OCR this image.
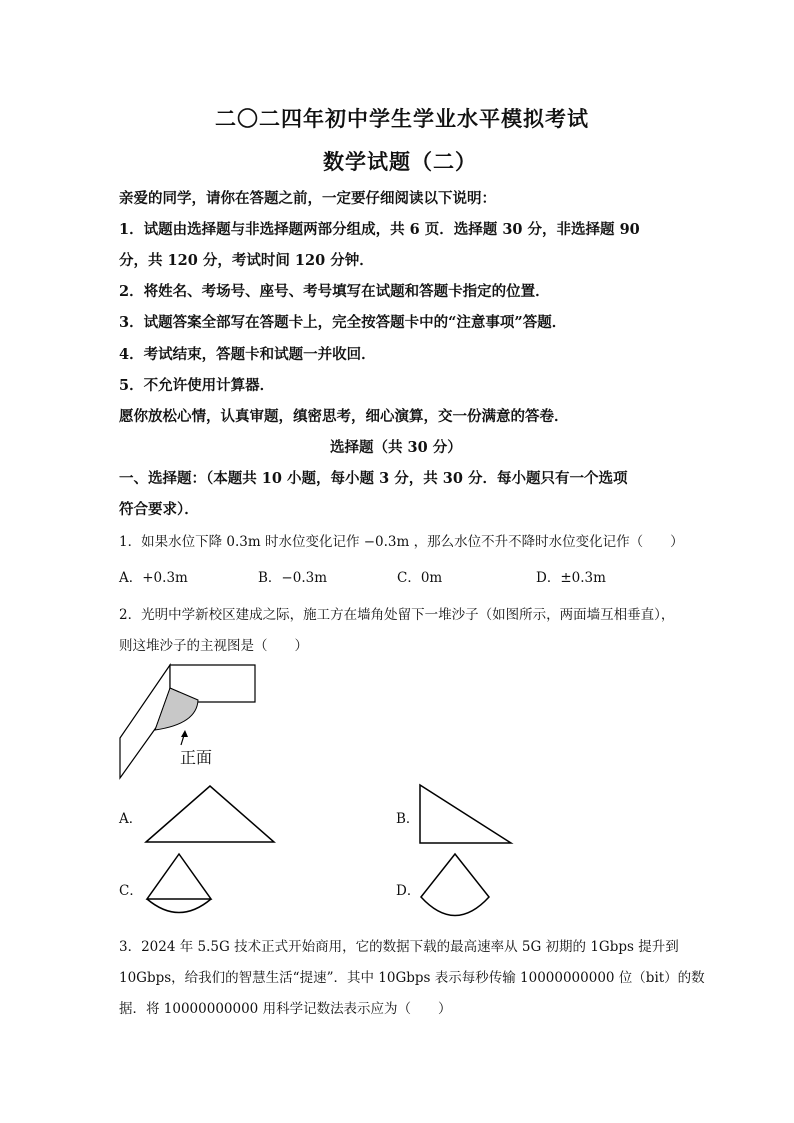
二〇二四年初中学生学业水平模拟考试
数学试题（二）
亲爱的同学，请你在答题之前，一定要仔细阅读以下说明：
1．试题由选择题与非选择题两部分组成，共 6 页．选择题 30 分，非选择题 90
分，共 120 分，考试时间 120 分钟．
2．将姓名、考场号、座号、考号填写在试题和答题卡指定的位置．
3．试题答案全部写在答题卡上，完全按答题卡中的“注意事项”答题．
4．考试结束，答题卡和试题一并收回．
5．不允许使用计算器．
愿你放松心情，认真审题，缜密思考，细心演算，交一份满意的答卷．
选择题（共 30 分）
一、选择题：（本题共 10 小题，每小题 3 分，共 30 分．每小题只有一个选项
符合要求）．
1．如果水位下降 0.3m 时水位变化记作 −0.3m ，那么水位不升不降时水位变化记作（　　）
A．+0.3m	B．−0.3m	C．0m	D．±0.3m
2．光明中学新校区建成之际，施工方在墙角处留下一堆沙子（如图所示，两面墙互相垂直），
则这堆沙子的主视图是（　　）
正面
A．	B．
C．	D．
3．2024 年 5.5G 技术正式开始商用，它的数据下载的最高速率从 5G 初期的 1Gbps 提升到
10Gbps，给我们的智慧生活“提速”．其中 10Gbps 表示每秒传输 10000000000 位（bit）的数
据．将 10000000000 用科学记数法表示应为（　　）
